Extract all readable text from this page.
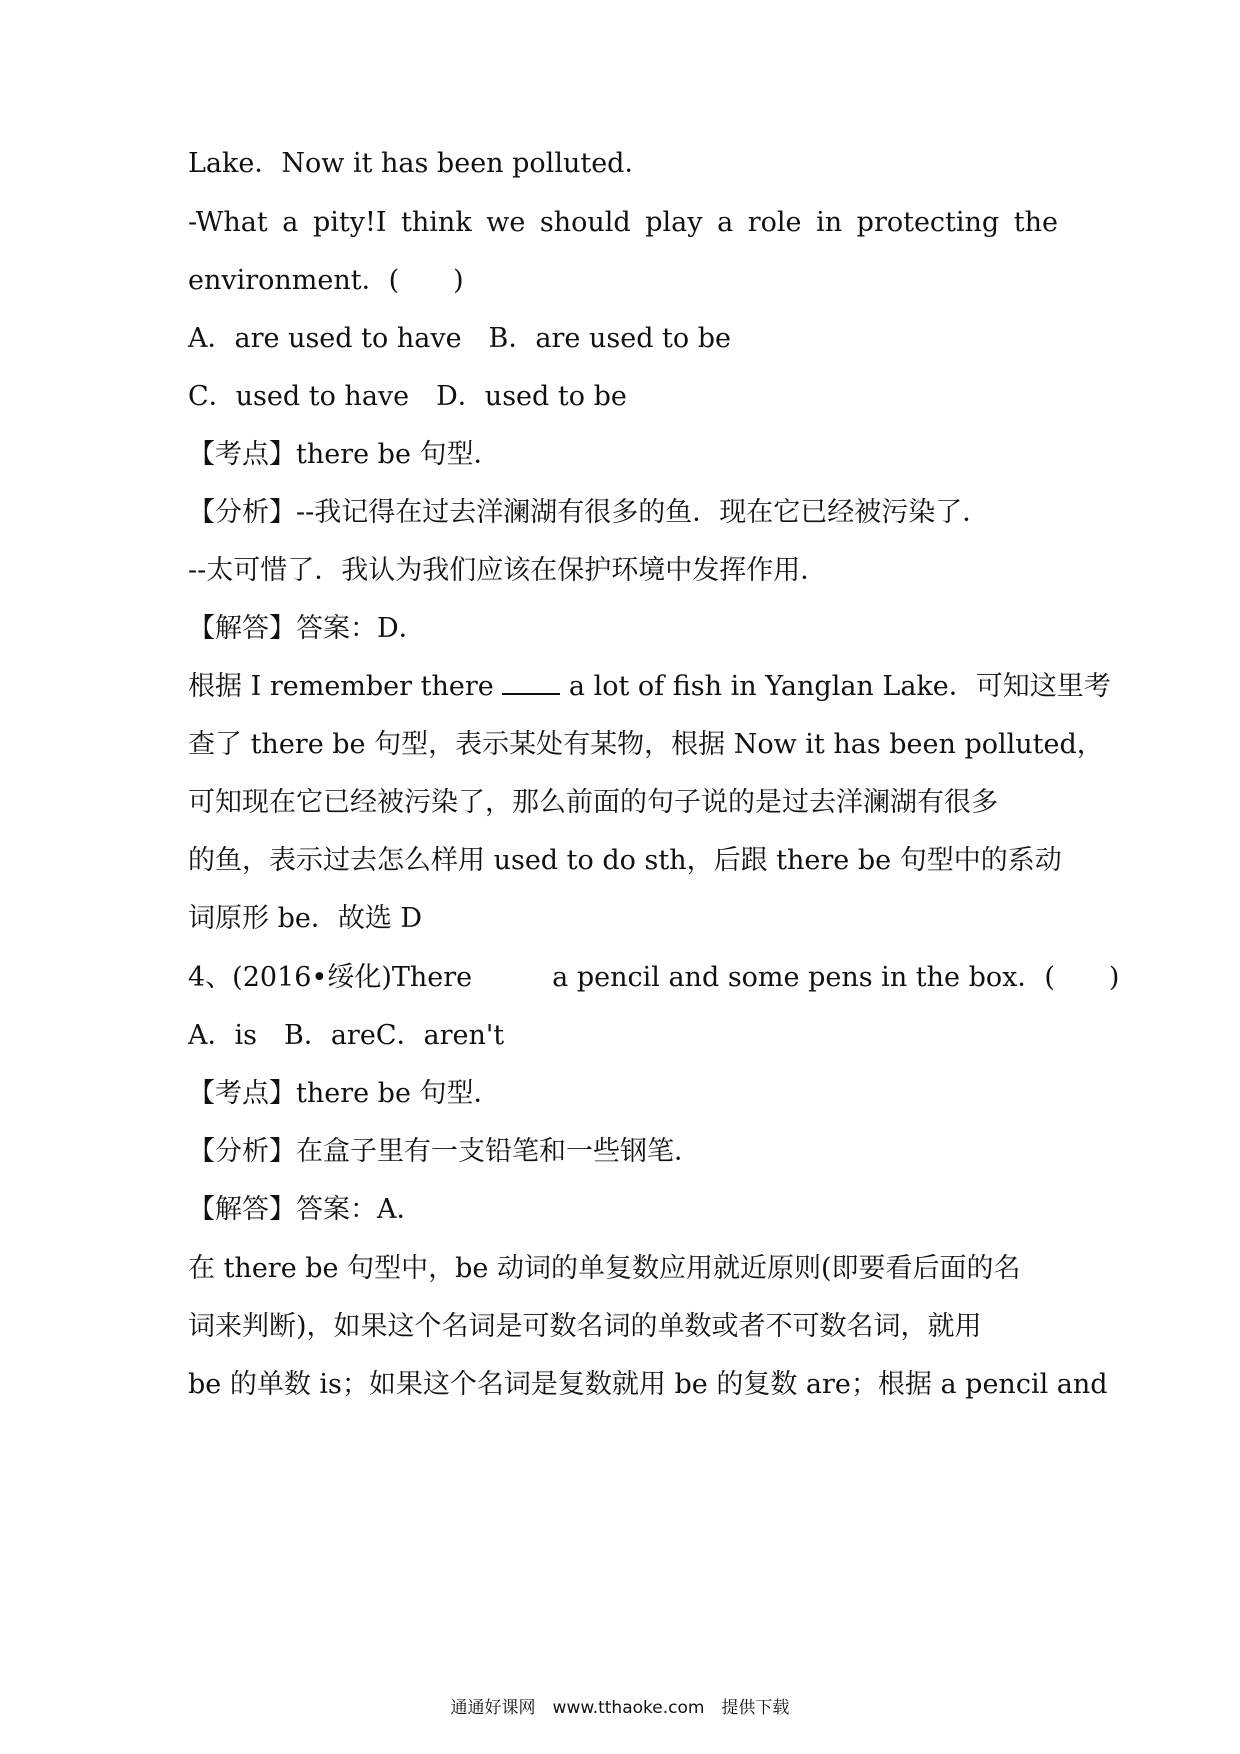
Lake．Now it has been polluted．
-What a pity!I think we should play a role in protecting the
environment．(　　)
A．are used to have　B．are used to be
C．used to have　D．used to be
【考点】there be 句型．
【分析】--我记得在过去洋澜湖有很多的鱼．现在它已经被污染了．
--太可惜了．我认为我们应该在保护环境中发挥作用．
【解答】答案：D．
根据 I remember there  a lot of fish in Yanglan Lake．可知这里考
查了 there be 句型，表示某处有某物，根据 Now it has been polluted，
可知现在它已经被污染了，那么前面的句子说的是过去洋澜湖有很多
的鱼，表示过去怎么样用 used to do sth，后跟 there be 句型中的系动
词原形 be．故选 D
4、(2016•绥化)There	a pencil and some pens in the box．(　　)
A．is　B．areC．aren't
【考点】there be 句型．
【分析】在盒子里有一支铅笔和一些钢笔．
【解答】答案：A．
在 there be 句型中，be 动词的单复数应用就近原则(即要看后面的名
词来判断)，如果这个名词是可数名词的单数或者不可数名词，就用
be 的单数 is；如果这个名词是复数就用 be 的复数 are；根据 a pencil and
通通好课网　www.tthaoke.com　提供下载
